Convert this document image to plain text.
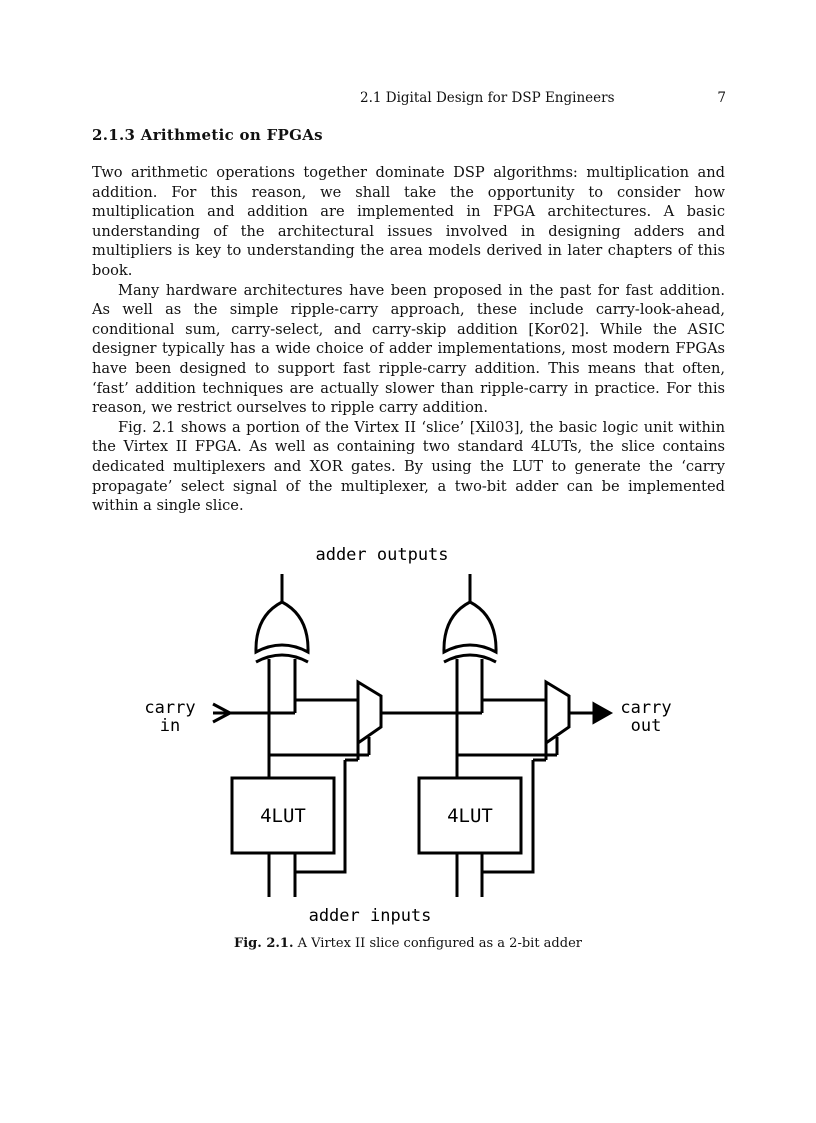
2.1 Digital Design for DSP Engineers	7
2.1.3 Arithmetic on FPGAs

Two arithmetic operations together dominate DSP algorithms: multiplication and addition. For this reason, we shall take the opportunity to consider how multiplication and addition are implemented in FPGA architectures. A basic understanding of the architectural issues involved in designing adders and multipliers is key to understanding the area models derived in later chapters of this book.

Many hardware architectures have been proposed in the past for fast addition. As well as the simple ripple-carry approach, these include carry-look-ahead, conditional sum, carry-select, and carry-skip addition [Kor02]. While the ASIC designer typically has a wide choice of adder implementations, most modern FPGAs have been designed to support fast ripple-carry addition. This means that often, ‘fast’ addition techniques are actually slower than ripple-carry in practice. For this reason, we restrict ourselves to ripple carry addition.

Fig. 2.1 shows a portion of the Virtex II ‘slice’ [Xil03], the basic logic unit within the Virtex II FPGA. As well as containing two standard 4LUTs, the slice contains dedicated multiplexers and XOR gates. By using the LUT to generate the ‘carry propagate’ select signal of the multiplexer, a two-bit adder can be implemented within a single slice.

adder outputs
adder inputs
carry
in
carry
out
4LUT	4LUT
Fig. 2.1. A Virtex II slice configured as a 2-bit adder
